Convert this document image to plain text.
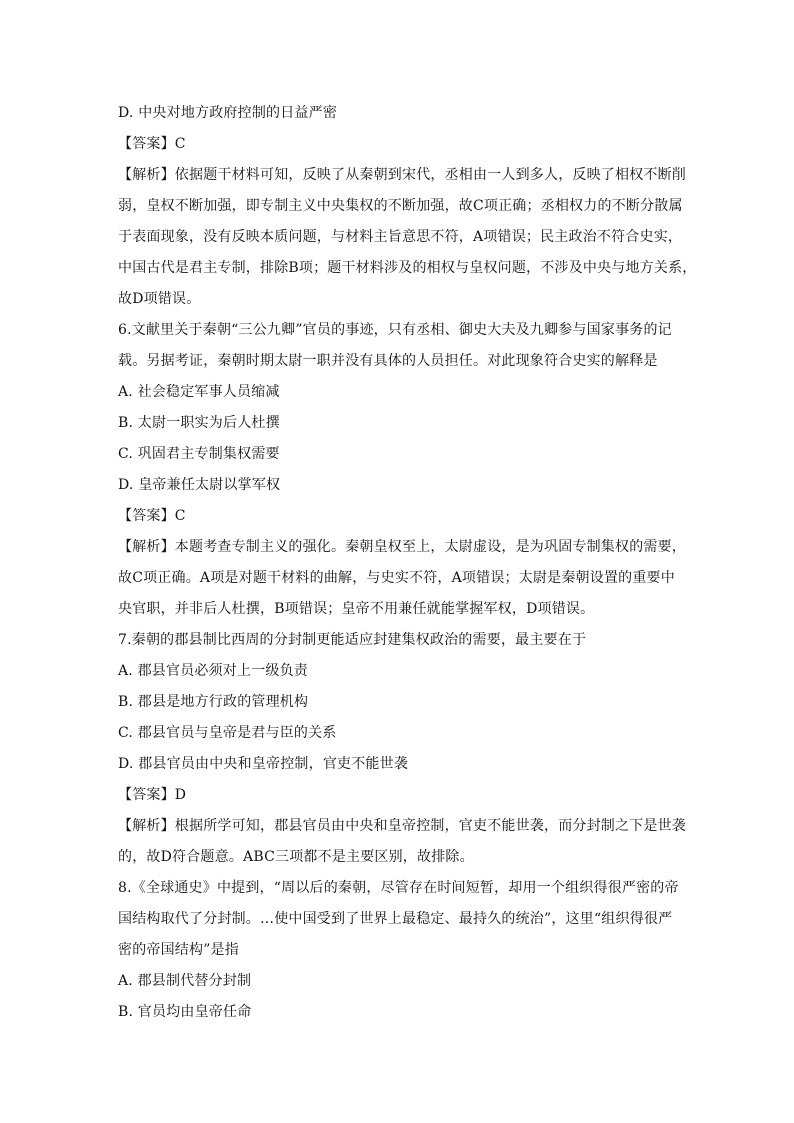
D. 中央对地方政府控制的日益严密
【答案】C
【解析】依据题干材料可知，反映了从秦朝到宋代，丞相由一人到多人，反映了相权不断削
弱，皇权不断加强，即专制主义中央集权的不断加强，故C项正确；丞相权力的不断分散属
于表面现象，没有反映本质问题，与材料主旨意思不符，A项错误；民主政治不符合史实，
中国古代是君主专制，排除B项；题干材料涉及的相权与皇权问题，不涉及中央与地方关系，
故D项错误。
6.文献里关于秦朝“三公九卿”官员的事迹，只有丞相、御史大夫及九卿参与国家事务的记
载。另据考证，秦朝时期太尉一职并没有具体的人员担任。对此现象符合史实的解释是
A. 社会稳定军事人员缩减
B. 太尉一职实为后人杜撰
C. 巩固君主专制集权需要
D. 皇帝兼任太尉以掌军权
【答案】C
【解析】本题考查专制主义的强化。秦朝皇权至上，太尉虚设，是为巩固专制集权的需要，
故C项正确。A项是对题干材料的曲解，与史实不符，A项错误；太尉是秦朝设置的重要中
央官职，并非后人杜撰，B项错误；皇帝不用兼任就能掌握军权，D项错误。
7.秦朝的郡县制比西周的分封制更能适应封建集权政治的需要，最主要在于
A. 郡县官员必须对上一级负责
B. 郡县是地方行政的管理机构
C. 郡县官员与皇帝是君与臣的关系
D. 郡县官员由中央和皇帝控制，官吏不能世袭
【答案】D
【解析】根据所学可知，郡县官员由中央和皇帝控制，官吏不能世袭，而分封制之下是世袭
的，故D符合题意。ABC三项都不是主要区别，故排除。
8.《全球通史》中提到，“周以后的秦朝，尽管存在时间短暂，却用一个组织得很严密的帝
国结构取代了分封制。…使中国受到了世界上最稳定、最持久的统治”，这里“组织得很严
密的帝国结构”是指
A. 郡县制代替分封制
B. 官员均由皇帝任命
